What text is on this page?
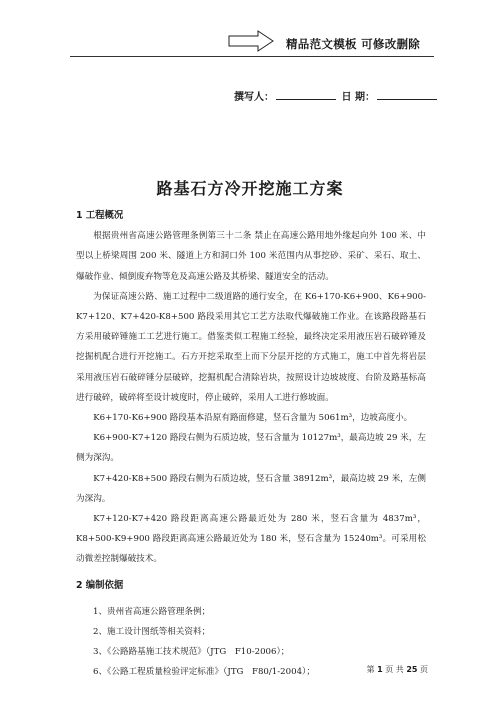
精品范文模板 可修改删除
撰写人：	日 期：
路基石方冷开挖施工方案

1 工程概况

根据贵州省高速公路管理条例第三十二条 禁止在高速公路用地外缘起向外 100 米、中型以上桥梁周围 200 米、隧道上方和洞口外 100 米范围内从事挖砂、采矿、采石、取土、爆破作业、倾倒废弃物等危及高速公路及其桥梁、隧道安全的活动。

为保证高速公路、施工过程中二级道路的通行安全，在 K6+170-K6+900、K6+900-K7+120、K7+420-K8+500 路段采用其它工艺方法取代爆破施工作业。在该路段路基石方采用破碎锤施工工艺进行施工。借鉴类似工程施工经验，最终决定采用液压岩石破碎锤及挖掘机配合进行开挖施工。石方开挖采取至上而下分层开挖的方式施工，施工中首先将岩层采用液压岩石破碎锤分层破碎，挖掘机配合清除岩块，按照设计边坡坡度、台阶及路基标高进行破碎，破碎将至设计坡度时，停止破碎，采用人工进行修坡面。

K6+170-K6+900 路段基本沿原有路面修建，竖石含量为 5061m³，边坡高度小。

K6+900-K7+120 路段右侧为石质边坡，竖石含量为 10127m³，最高边坡 29 米，左侧为深沟。

K7+420-K8+500 路段右侧为石质边坡，竖石含量 38912m³，最高边坡 29 米，左侧为深沟。

K7+120-K7+420 路段距离高速公路最近处为 280 米，竖石含量为 4837m³，K8+500-K9+900 路段距离高速公路最近处为 180 米，竖石含量为 15240m³。可采用松动微差控制爆破技术。

2 编制依据

1、贵州省高速公路管理条例；

2、施工设计图纸等相关资料；

3、《公路路基施工技术规范》（JTG　F10-2006）；

6、《公路工程质量检验评定标准》（JTG　F80/1-2004）；	第 1 页 共 25 页
